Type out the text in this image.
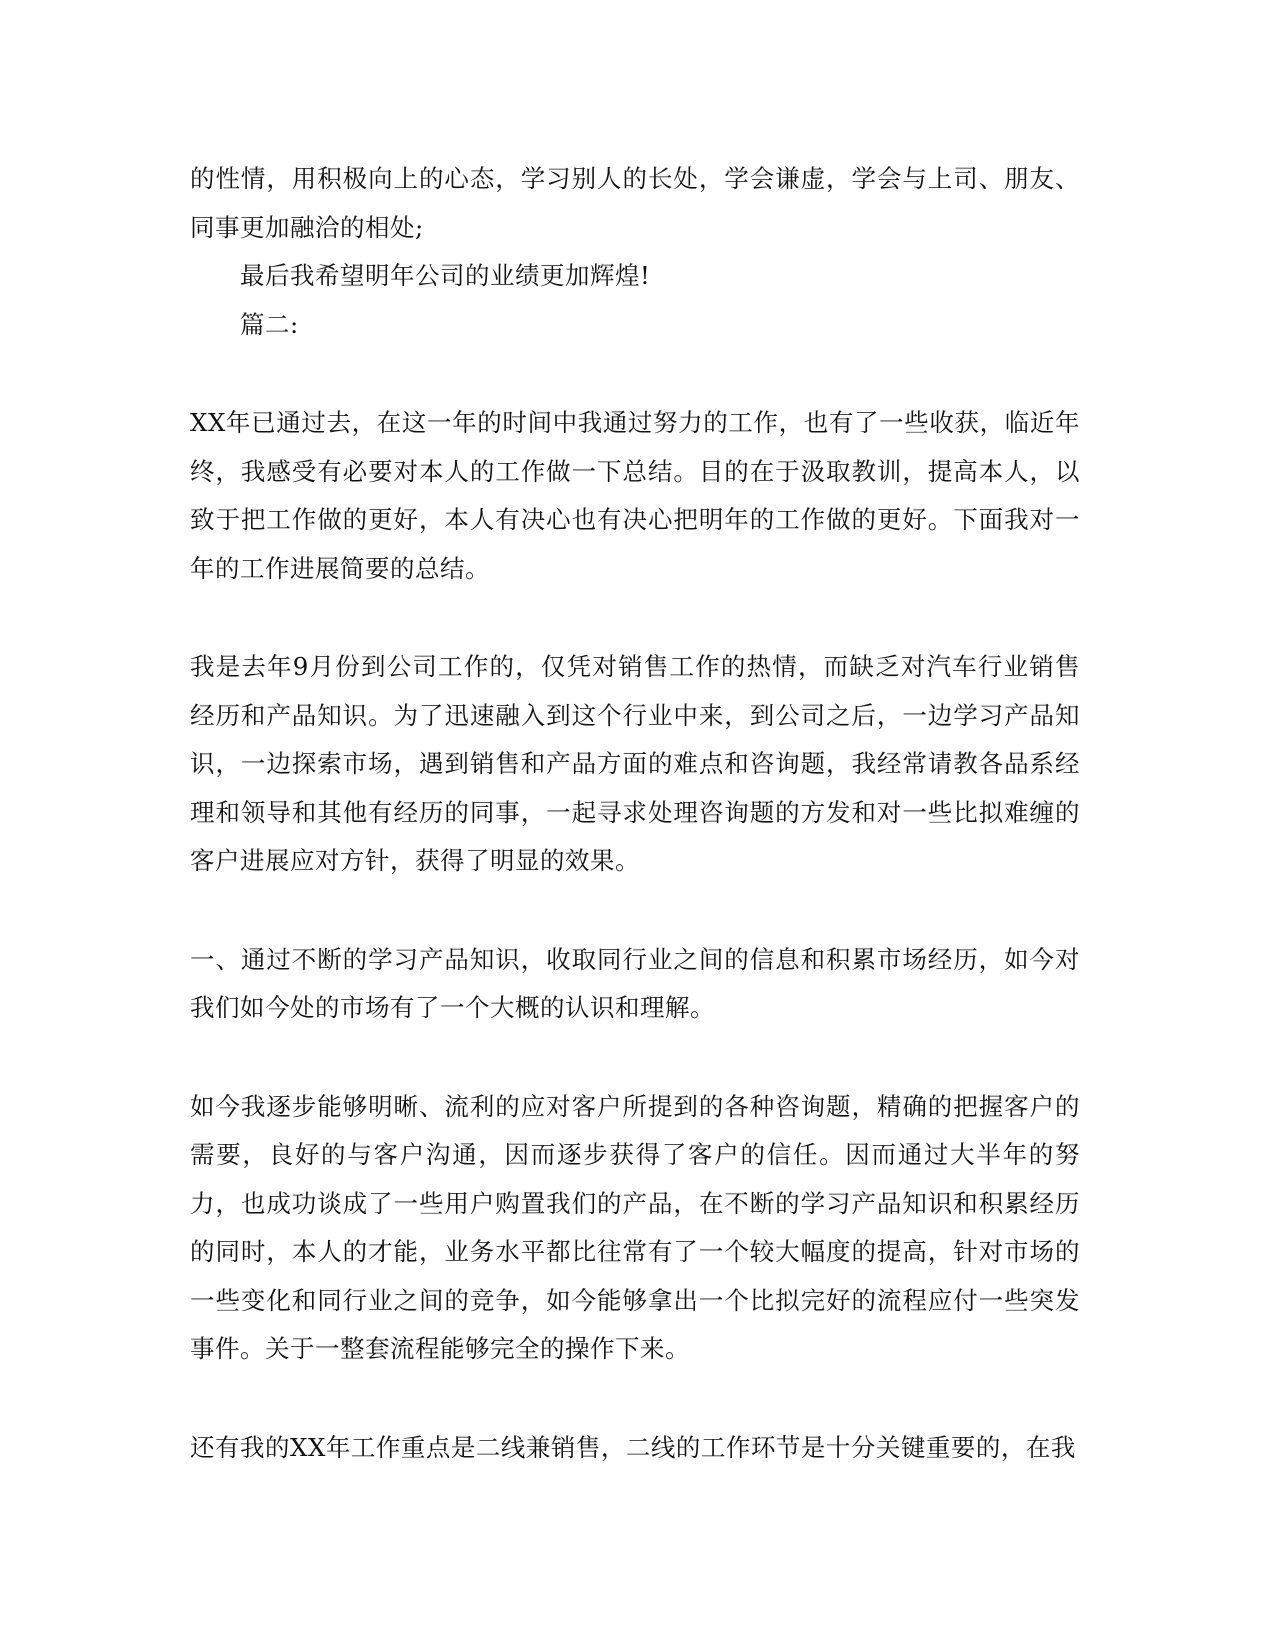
的性情，用积极向上的心态，学习别人的长处，学会谦虚，学会与上司、朋友、同事更加融洽的相处;

最后我希望明年公司的业绩更加辉煌!

篇二:

XX年已通过去，在这一年的时间中我通过努力的工作，也有了一些收获，临近年终，我感受有必要对本人的工作做一下总结。目的在于汲取教训，提高本人，以致于把工作做的更好，本人有决心也有决心把明年的工作做的更好。下面我对一年的工作进展简要的总结。

我是去年9月份到公司工作的，仅凭对销售工作的热情，而缺乏对汽车行业销售经历和产品知识。为了迅速融入到这个行业中来，到公司之后，一边学习产品知识，一边探索市场，遇到销售和产品方面的难点和咨询题，我经常请教各品系经理和领导和其他有经历的同事，一起寻求处理咨询题的方发和对一些比拟难缠的客户进展应对方针，获得了明显的效果。

一、通过不断的学习产品知识，收取同行业之间的信息和积累市场经历，如今对我们如今处的市场有了一个大概的认识和理解。

如今我逐步能够明晰、流利的应对客户所提到的各种咨询题，精确的把握客户的需要，良好的与客户沟通，因而逐步获得了客户的信任。因而通过大半年的努力，也成功谈成了一些用户购置我们的产品，在不断的学习产品知识和积累经历的同时，本人的才能，业务水平都比往常有了一个较大幅度的提高，针对市场的一些变化和同行业之间的竞争，如今能够拿出一个比拟完好的流程应付一些突发事件。关于一整套流程能够完全的操作下来。

还有我的XX年工作重点是二线兼销售，二线的工作环节是十分关键重要的，在我
